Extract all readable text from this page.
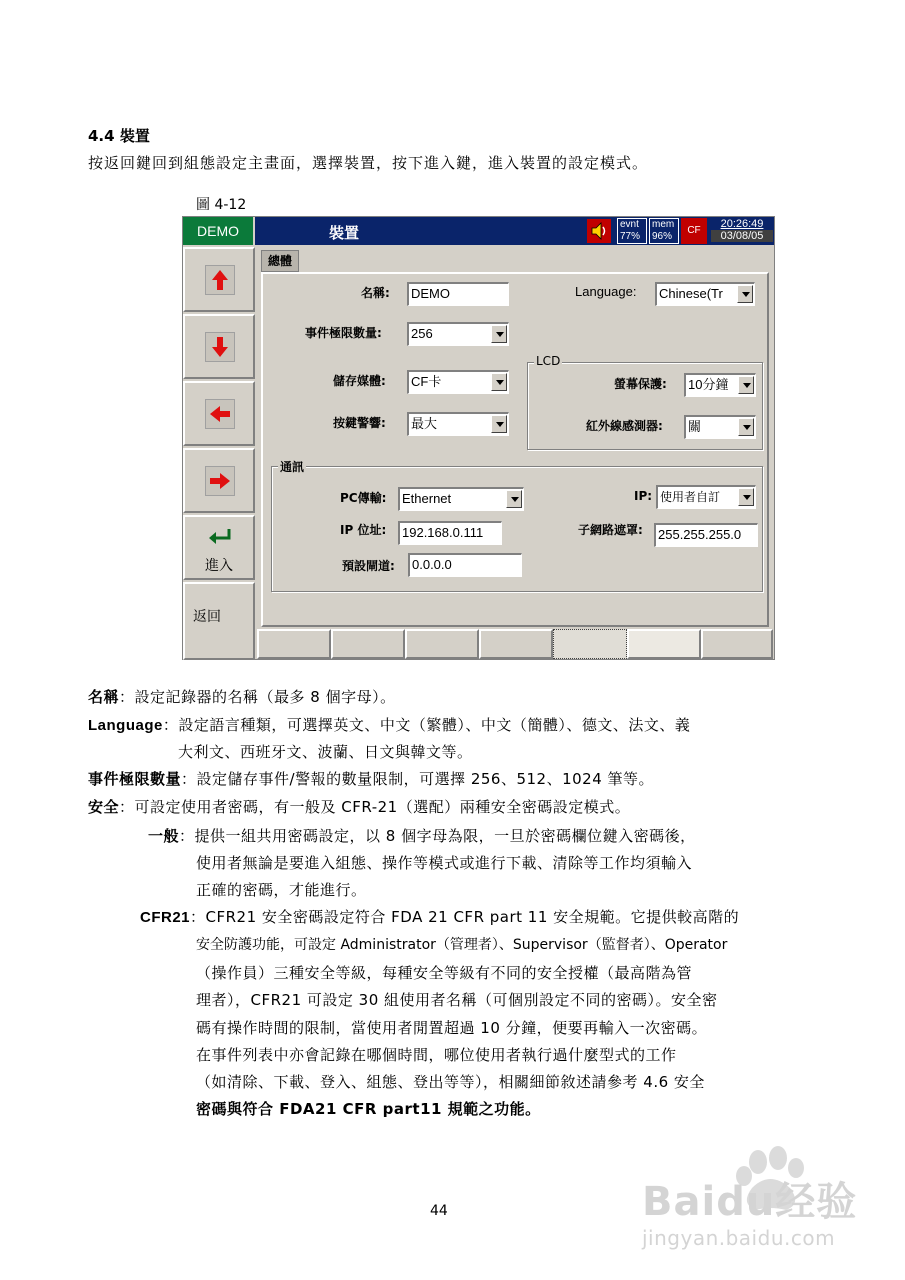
4.4 裝置
按返回鍵回到組態設定主畫面，選擇裝置，按下進入鍵，進入裝置的設定模式。
圖 4-12
DEMO	裝置	evnt
77%
mem
96%
CF
20:26:49
03/08/05
進入
返回
總體
名稱:	DEMO	Language:	Chinese(Tr
事件極限數量:	256
LCD
螢幕保護:	10分鐘
紅外線感測器:	關
儲存媒體:	CF卡
按鍵警響:	最大
通訊
PC傳輸:	Ethernet	IP: 使用者自訂
IP 位址:	192.168.0.111	子網路遮罩:	255.255.255.0
預設閘道:	0.0.0.0
名稱：設定記錄器的名稱（最多 8 個字母）。
Language：設定語言種類，可選擇英文、中文（繁體）、中文（簡體）、德文、法文、義
大利文、西班牙文、波蘭、日文與韓文等。
事件極限數量：設定儲存事件/警報的數量限制，可選擇 256、512、1024 筆等。
安全：可設定使用者密碼，有一般及 CFR-21（選配）兩種安全密碼設定模式。
一般：提供一組共用密碼設定，以 8 個字母為限，一旦於密碼欄位鍵入密碼後，
使用者無論是要進入組態、操作等模式或進行下載、清除等工作均須輸入
正確的密碼，才能進行。
CFR21：CFR21 安全密碼設定符合 FDA 21 CFR part 11 安全規範。它提供較高階的
安全防護功能，可設定 Administrator（管理者）、Supervisor（監督者）、Operator
（操作員）三種安全等級，每種安全等級有不同的安全授權（最高階為管
理者），CFR21 可設定 30 組使用者名稱（可個別設定不同的密碼）。安全密
碼有操作時間的限制，當使用者閒置超過 10 分鐘，便要再輸入一次密碼。
在事件列表中亦會記錄在哪個時間，哪位使用者執行過什麼型式的工作
（如清除、下載、登入、組態、登出等等），相關細節敘述請參考 4.6 安全
密碼與符合 FDA21 CFR part11 規範之功能。
44	Baidu经验
jingyan.baidu.com
